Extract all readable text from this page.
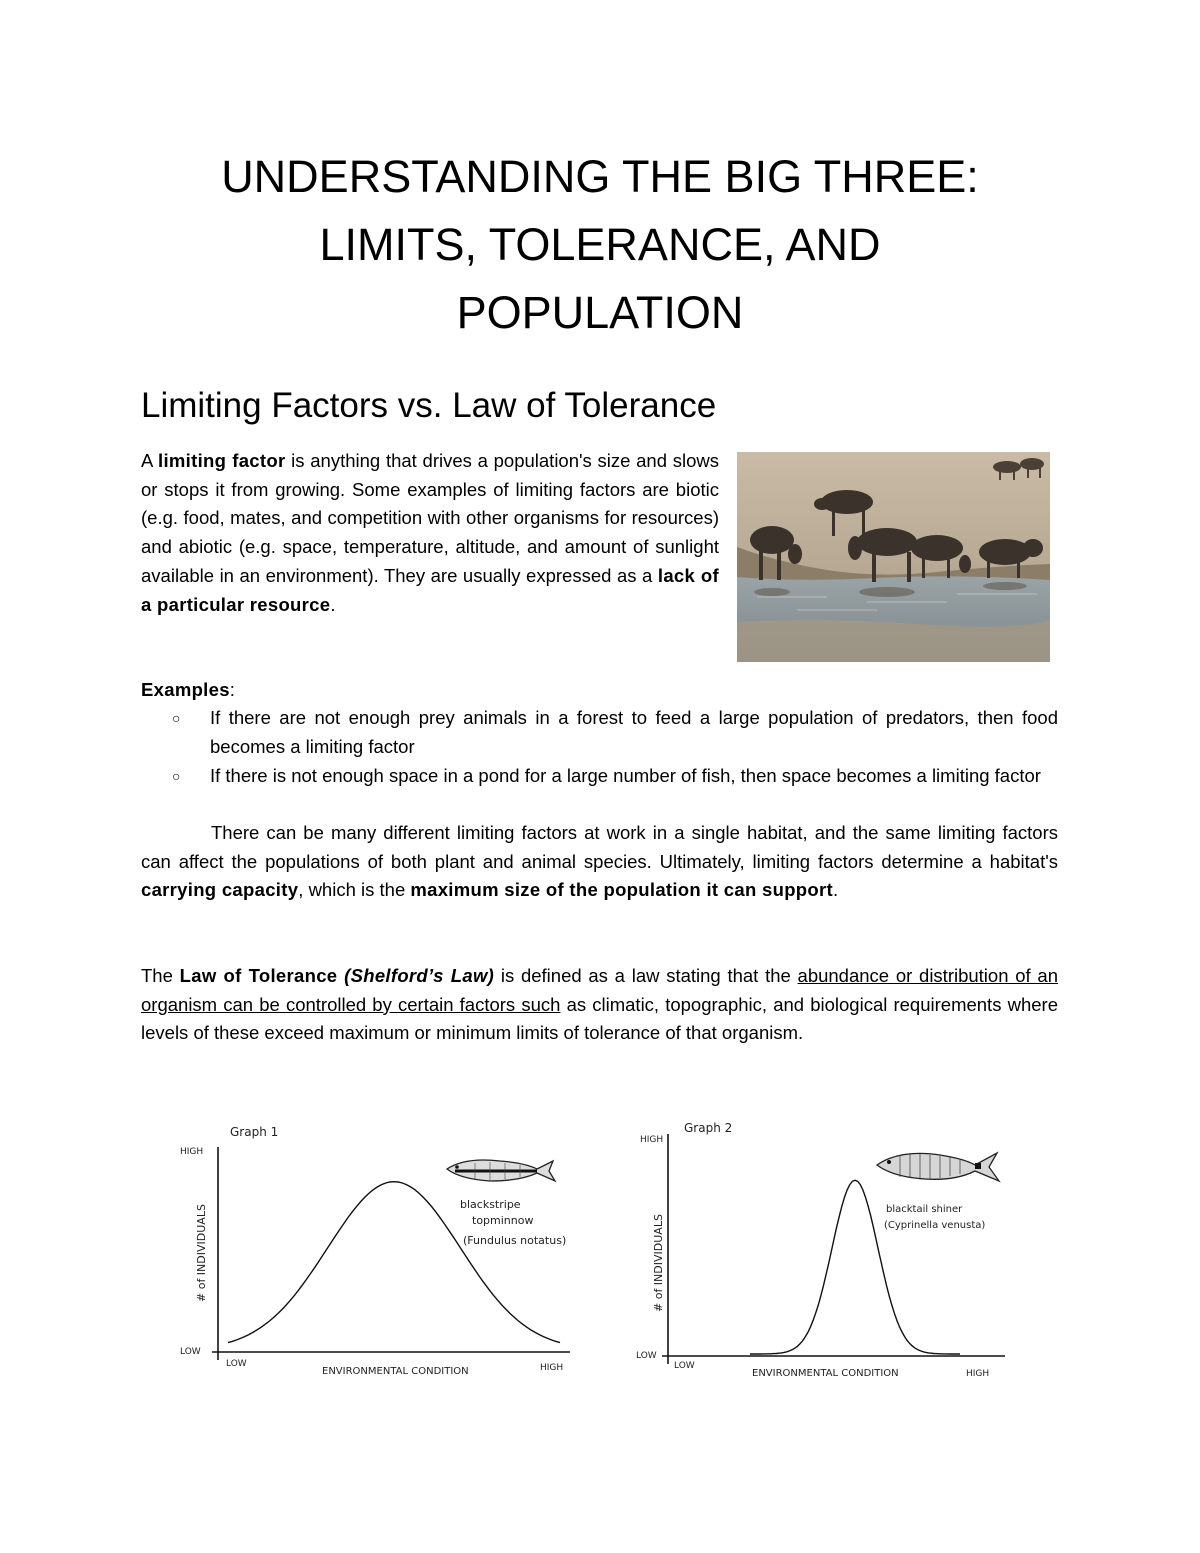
UNDERSTANDING THE BIG THREE:
LIMITS, TOLERANCE, AND
POPULATION
Limiting Factors vs. Law of Tolerance

A limiting factor is anything that drives a population's size and slows or stops it from growing. Some examples of limiting factors are biotic (e.g. food, mates, and competition with other organisms for resources) and abiotic (e.g. space, temperature, altitude, and amount of sunlight available in an environment). They are usually expressed as a lack of a particular resource.

Examples:
○ If there are not enough prey animals in a forest to feed a large population of predators, then food becomes a limiting factor
○ If there is not enough space in a pond for a large number of fish, then space becomes a limiting factor

There can be many different limiting factors at work in a single habitat, and the same limiting factors can affect the populations of both plant and animal species. Ultimately, limiting factors determine a habitat's carrying capacity, which is the maximum size of the population it can support.

The Law of Tolerance (Shelford’s Law) is defined as a law stating that the abundance or distribution of an organism can be controlled by certain factors such as climatic, topographic, and biological requirements where levels of these exceed maximum or minimum limits of tolerance of that organism.

Graph 1
HIGH
LOW
# of INDIVIDUALS
LOW
ENVIRONMENTAL CONDITION	HIGH
blackstripe
topminnow
(Fundulus notatus)
Graph 2
HIGH
LOW
# of INDIVIDUALS
LOW
ENVIRONMENTAL CONDITION	HIGH
blacktail shiner
(Cyprinella venusta)
